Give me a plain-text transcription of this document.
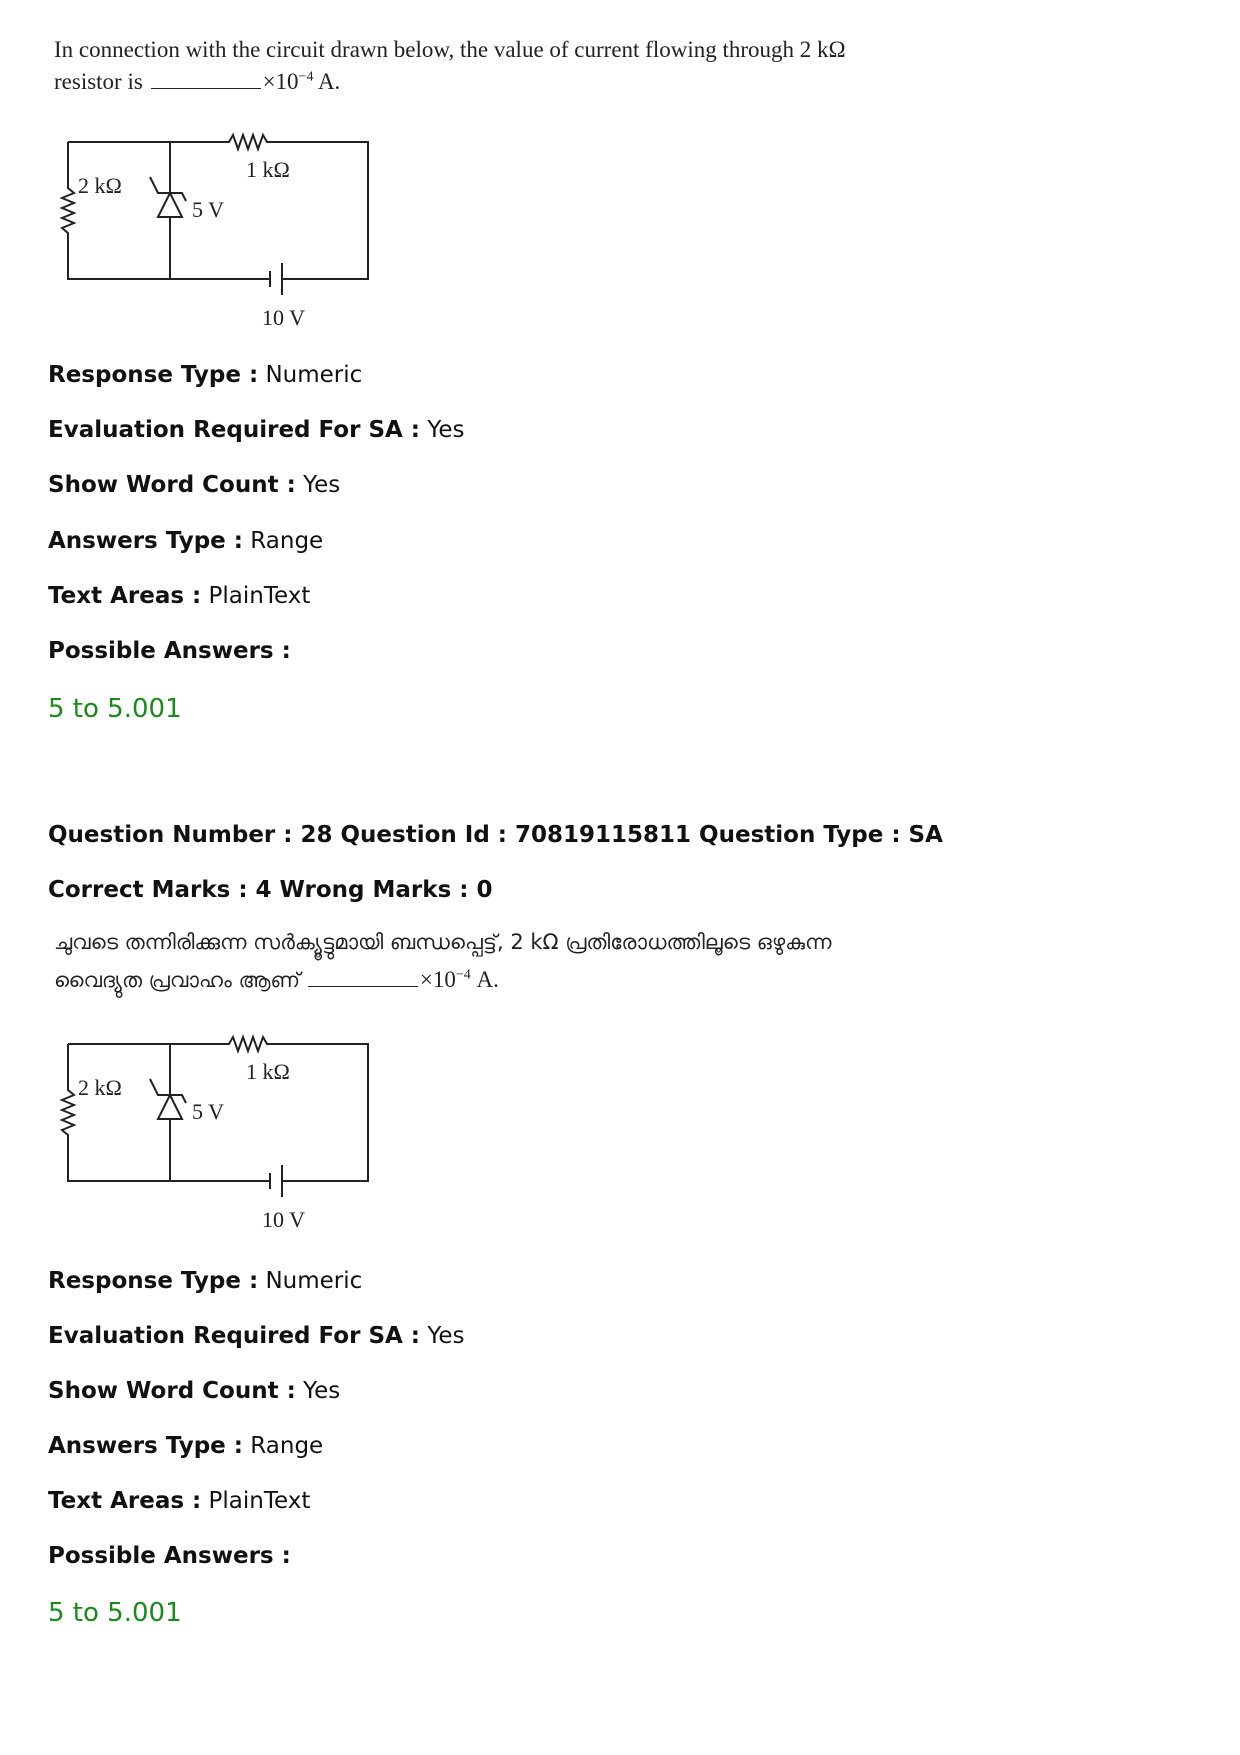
In connection with the circuit drawn below, the value of current flowing through 2 kΩ
resistor is	$\times 10^{-4}$ A.
1 kΩ
2 kΩ
5 V
10 V
Response Type : Numeric
Evaluation Required For SA : Yes
Show Word Count : Yes
Answers Type : Range
Text Areas : PlainText
Possible Answers :
5 to 5.001
Question Number : 28 Question Id : 70819115811 Question Type : SA
Correct Marks : 4 Wrong Marks : 0
ചുവടെ തന്നിരിക്കുന്ന സർക്യൂട്ടുമായി ബന്ധപ്പെട്ട്, 2 kΩ പ്രതിരോധത്തിലൂടെ ഒഴുകുന്ന
വൈദ്യുത പ്രവാഹം ആണ്	$\times 10^{-4}$ A.
1 kΩ
2 kΩ
5 V
10 V
Response Type : Numeric
Evaluation Required For SA : Yes
Show Word Count : Yes
Answers Type : Range
Text Areas : PlainText
Possible Answers :
5 to 5.001
